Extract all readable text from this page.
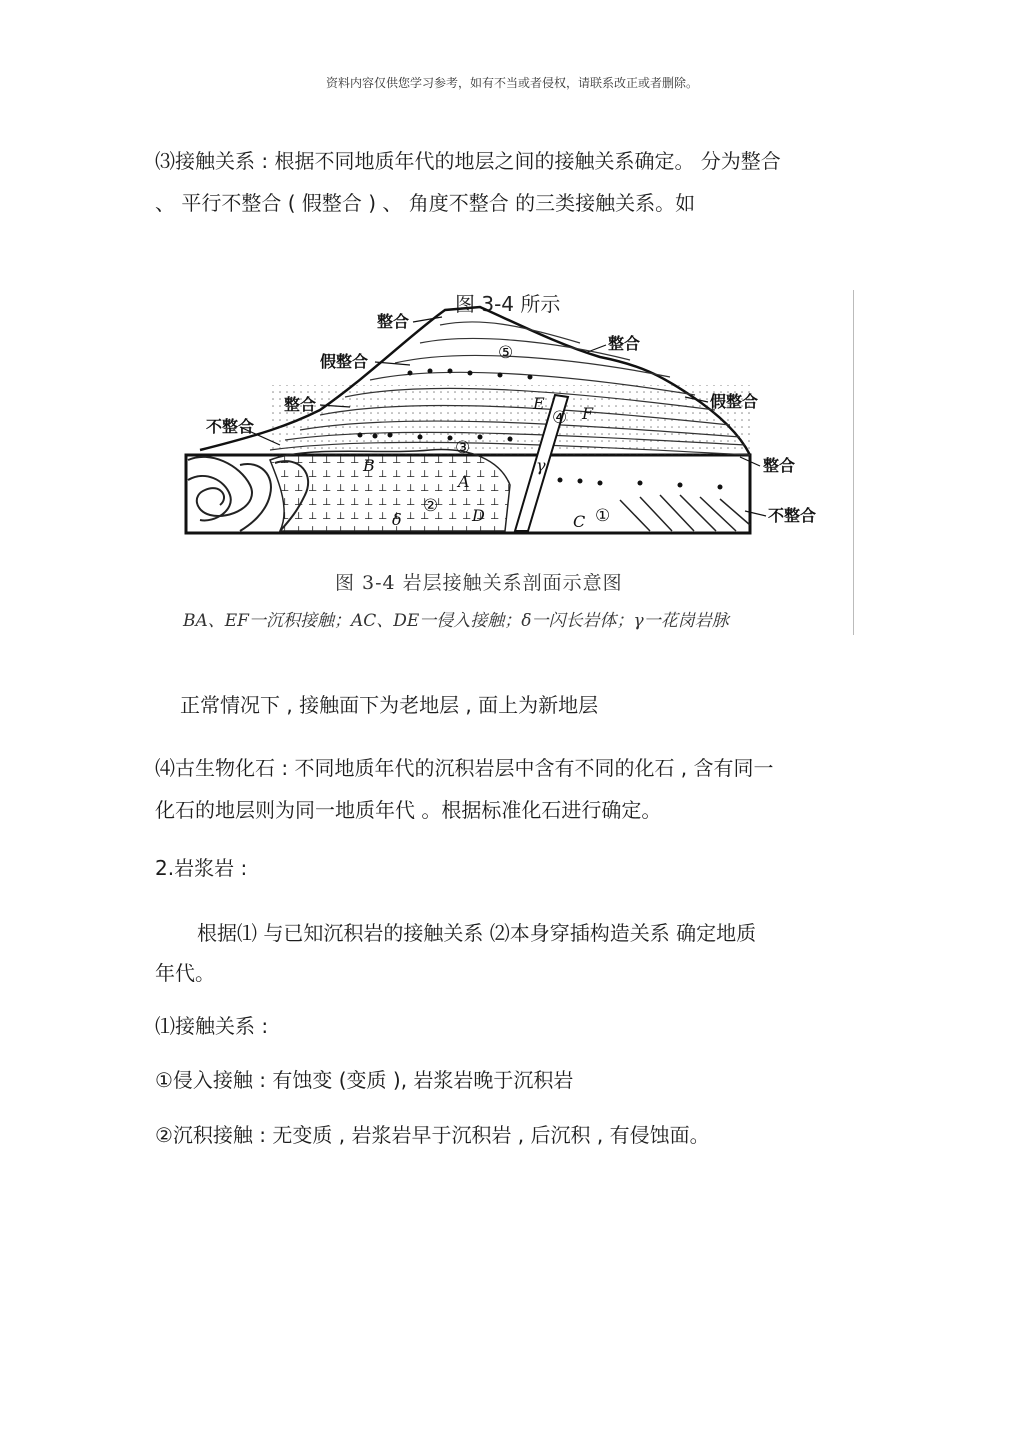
资料内容仅供您学习参考，如有不当或者侵权，请联系改正或者删除。
⑶接触关系 : 根据不同地质年代的地层之间的接触关系确定。 分为整合
、 平行不整合 ( 假整合 ) 、 角度不整合 的三类接触关系。如
图 3-4 所示
整合
假整合
整合
不整合
整合
假整合
整合
不整合
B
A
D
E
F
C
δ
γ
①
②
③
④
⑤
图 3-4 岩层接触关系剖面示意图
BA、EF一沉积接触；AC、DE一侵入接触；δ一闪长岩体；γ一花岗岩脉
正常情况下 , 接触面下为老地层 , 面上为新地层
⑷古生物化石 : 不同地质年代的沉积岩层中含有不同的化石 , 含有同一
化石的地层则为同一地质年代 。根据标准化石进行确定。
2.岩浆岩 :
根据⑴ 与已知沉积岩的接触关系 ⑵本身穿插构造关系 确定地质
年代。
⑴接触关系 :
①侵入接触 : 有蚀变 (变质 ), 岩浆岩晚于沉积岩
②沉积接触 : 无变质 , 岩浆岩早于沉积岩 , 后沉积 , 有侵蚀面。
